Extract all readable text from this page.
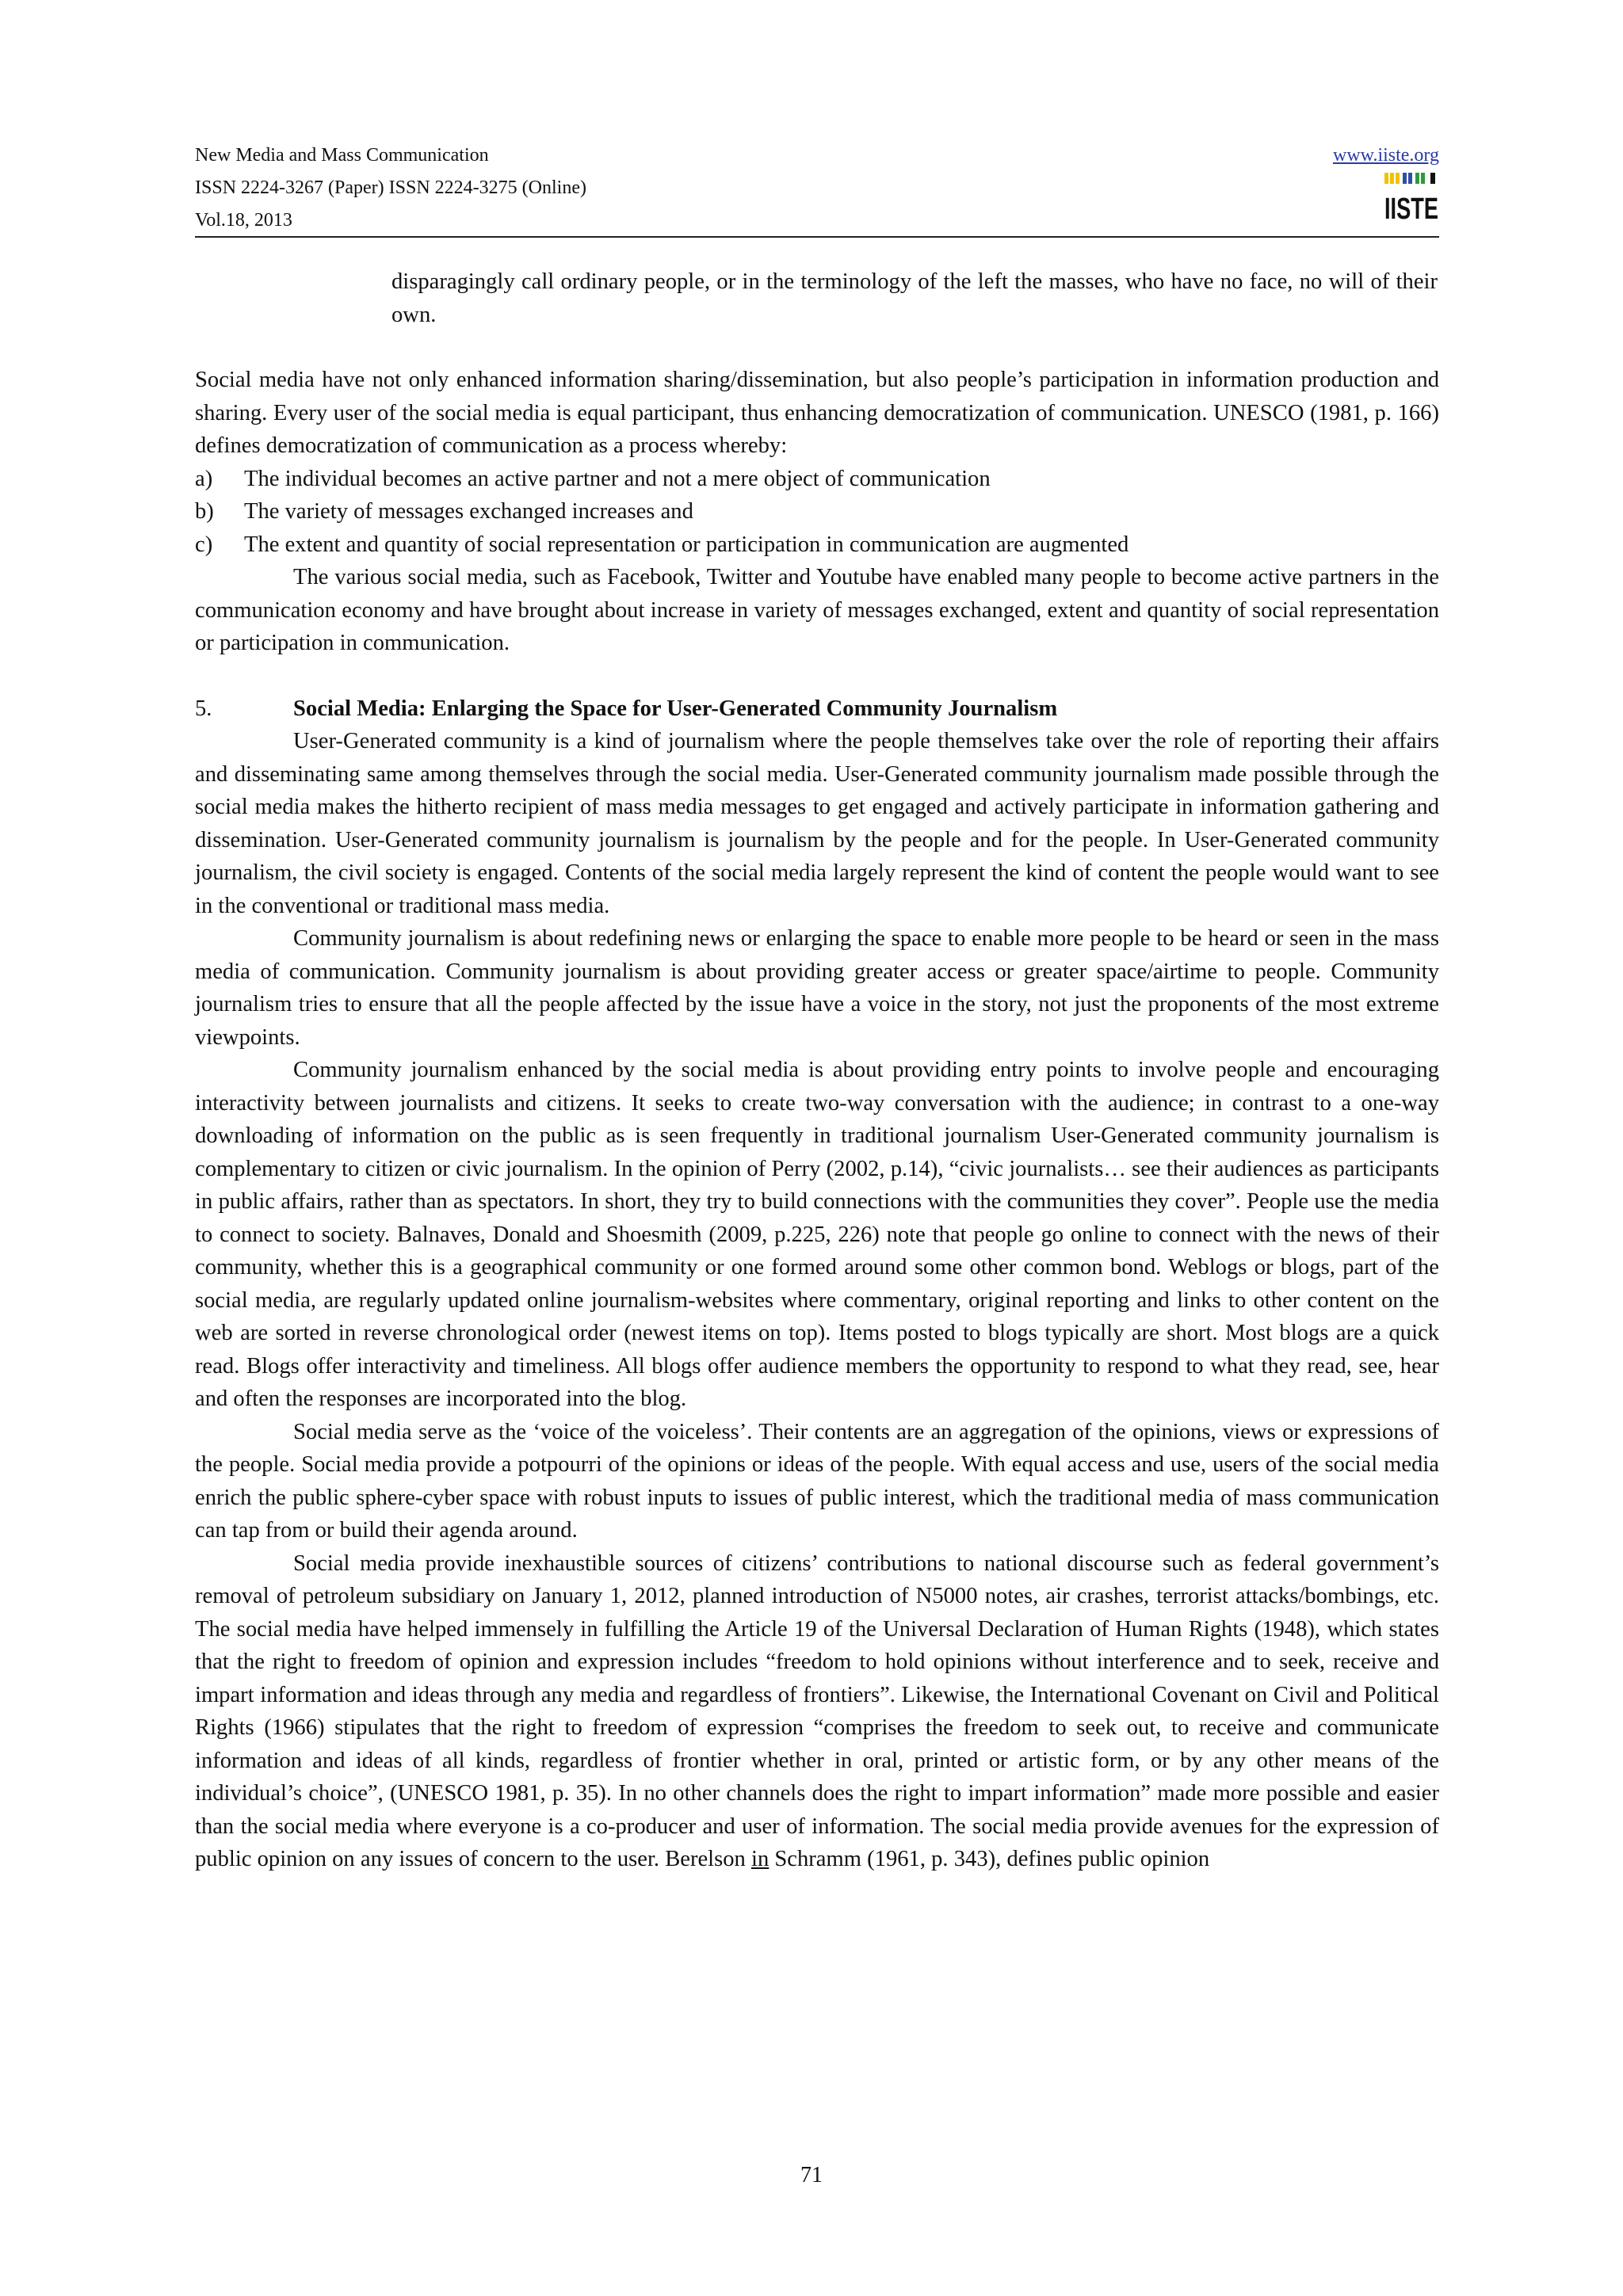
New Media and Mass Communication
ISSN 2224-3267 (Paper) ISSN 2224-3275 (Online)
Vol.18, 2013
www.iiste.org
IISTE

disparagingly call ordinary people, or in the terminology of the left the masses, who have no face, no will of their own.

Social media have not only enhanced information sharing/dissemination, but also people’s participation in information production and sharing. Every user of the social media is equal participant, thus enhancing democratization of communication. UNESCO (1981, p. 166) defines democratization of communication as a process whereby:

a)	The individual becomes an active partner and not a mere object of communication
b)	The variety of messages exchanged increases and
c)	The extent and quantity of social representation or participation in communication are augmented

The various social media, such as Facebook, Twitter and Youtube have enabled many people to become active partners in the communication economy and have brought about increase in variety of messages exchanged, extent and quantity of social representation or participation in communication.

5.	Social Media: Enlarging the Space for User-Generated Community Journalism

User-Generated community is a kind of journalism where the people themselves take over the role of reporting their affairs and disseminating same among themselves through the social media. User-Generated community journalism made possible through the social media makes the hitherto recipient of mass media messages to get engaged and actively participate in information gathering and dissemination. User-Generated community journalism is journalism by the people and for the people. In User-Generated community journalism, the civil society is engaged. Contents of the social media largely represent the kind of content the people would want to see in the conventional or traditional mass media.

Community journalism is about redefining news or enlarging the space to enable more people to be heard or seen in the mass media of communication. Community journalism is about providing greater access or greater space/airtime to people. Community journalism tries to ensure that all the people affected by the issue have a voice in the story, not just the proponents of the most extreme viewpoints.

Community journalism enhanced by the social media is about providing entry points to involve people and encouraging interactivity between journalists and citizens. It seeks to create two-way conversation with the audience; in contrast to a one-way downloading of information on the public as is seen frequently in traditional journalism User-Generated community journalism is complementary to citizen or civic journalism. In the opinion of Perry (2002, p.14), “civic journalists… see their audiences as participants in public affairs, rather than as spectators. In short, they try to build connections with the communities they cover”. People use the media to connect to society. Balnaves, Donald and Shoesmith (2009, p.225, 226) note that people go online to connect with the news of their community, whether this is a geographical community or one formed around some other common bond. Weblogs or blogs, part of the social media, are regularly updated online journalism-websites where commentary, original reporting and links to other content on the web are sorted in reverse chronological order (newest items on top). Items posted to blogs typically are short. Most blogs are a quick read. Blogs offer interactivity and timeliness. All blogs offer audience members the opportunity to respond to what they read, see, hear and often the responses are incorporated into the blog.

Social media serve as the ‘voice of the voiceless’. Their contents are an aggregation of the opinions, views or expressions of the people. Social media provide a potpourri of the opinions or ideas of the people. With equal access and use, users of the social media enrich the public sphere-cyber space with robust inputs to issues of public interest, which the traditional media of mass communication can tap from or build their agenda around.

Social media provide inexhaustible sources of citizens’ contributions to national discourse such as federal government’s removal of petroleum subsidiary on January 1, 2012, planned introduction of N5000 notes, air crashes, terrorist attacks/bombings, etc. The social media have helped immensely in fulfilling the Article 19 of the Universal Declaration of Human Rights (1948), which states that the right to freedom of opinion and expression includes “freedom to hold opinions without interference and to seek, receive and impart information and ideas through any media and regardless of frontiers”. Likewise, the International Covenant on Civil and Political Rights (1966) stipulates that the right to freedom of expression “comprises the freedom to seek out, to receive and communicate information and ideas of all kinds, regardless of frontier whether in oral, printed or artistic form, or by any other means of the individual’s choice”, (UNESCO 1981, p. 35). In no other channels does the right to impart information” made more possible and easier than the social media where everyone is a co-producer and user of information. The social media provide avenues for the expression of public opinion on any issues of concern to the user. Berelson in Schramm (1961, p. 343), defines public opinion

71
